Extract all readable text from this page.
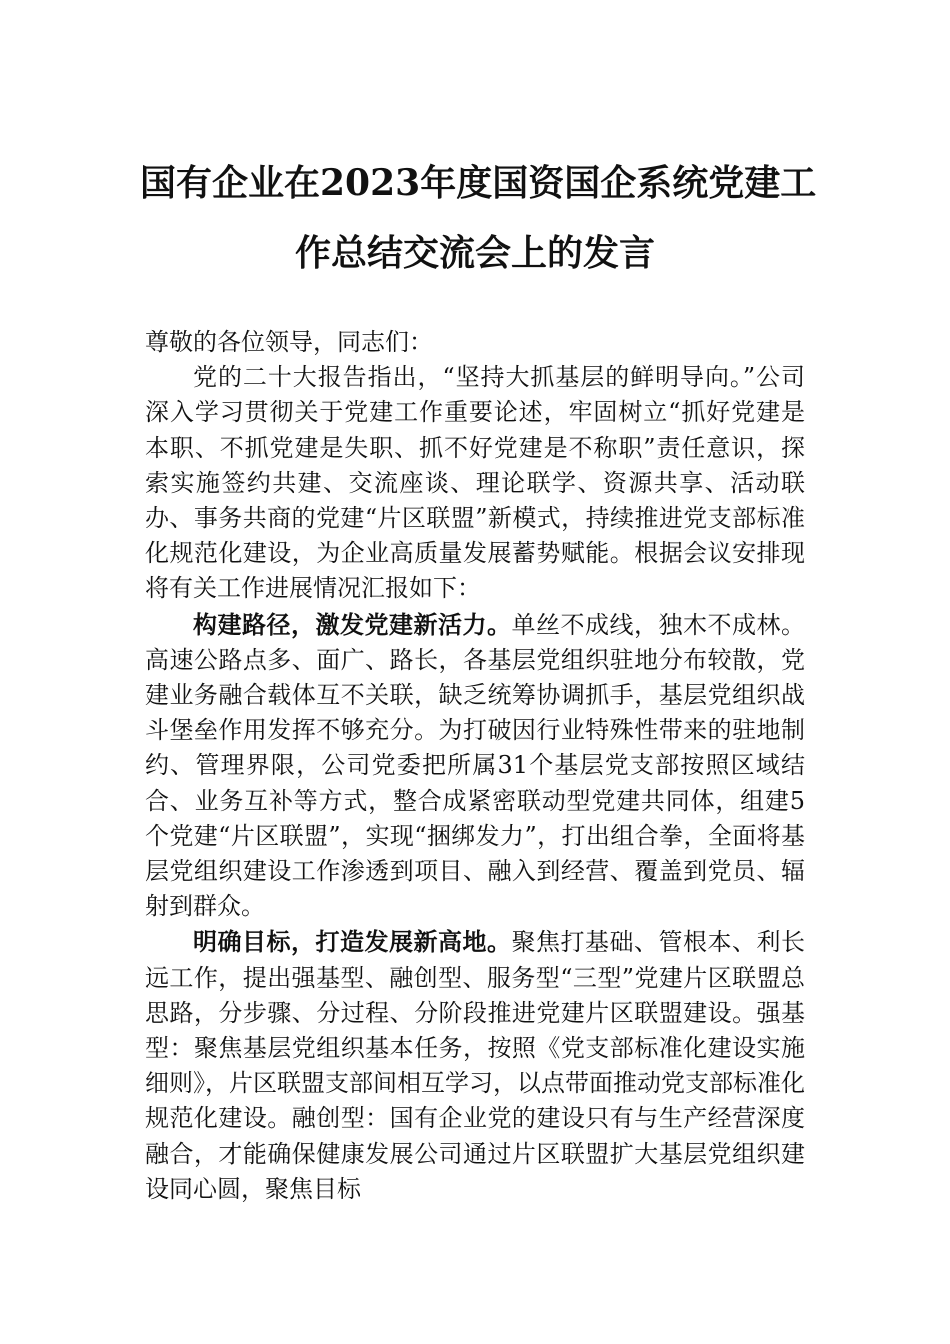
国有企业在2023年度国资国企系统党建工
作总结交流会上的发言

尊敬的各位领导，同志们：

党的二十大报告指出，“坚持大抓基层的鲜明导向。”公司深入学习贯彻关于党建工作重要论述，牢固树立“抓好党建是本职、不抓党建是失职、抓不好党建是不称职”责任意识，探索实施签约共建、交流座谈、理论联学、资源共享、活动联办、事务共商的党建“片区联盟”新模式，持续推进党支部标准化规范化建设，为企业高质量发展蓄势赋能。根据会议安排现将有关工作进展情况汇报如下：

构建路径，激发党建新活力。单丝不成线，独木不成林。高速公路点多、面广、路长，各基层党组织驻地分布较散，党建业务融合载体互不关联，缺乏统筹协调抓手，基层党组织战斗堡垒作用发挥不够充分。为打破因行业特殊性带来的驻地制约、管理界限，公司党委把所属31个基层党支部按照区域结合、业务互补等方式，整合成紧密联动型党建共同体，组建5个党建“片区联盟”，实现“捆绑发力”，打出组合拳，全面将基层党组织建设工作渗透到项目、融入到经营、覆盖到党员、辐射到群众。

明确目标，打造发展新高地。聚焦打基础、管根本、利长远工作，提出强基型、融创型、服务型“三型”党建片区联盟总思路，分步骤、分过程、分阶段推进党建片区联盟建设。强基型：聚焦基层党组织基本任务，按照《党支部标准化建设实施细则》，片区联盟支部间相互学习，以点带面推动党支部标准化规范化建设。融创型：国有企业党的建设只有与生产经营深度融合，才能确保健康发展公司通过片区联盟扩大基层党组织建设同心圆，聚焦目标
